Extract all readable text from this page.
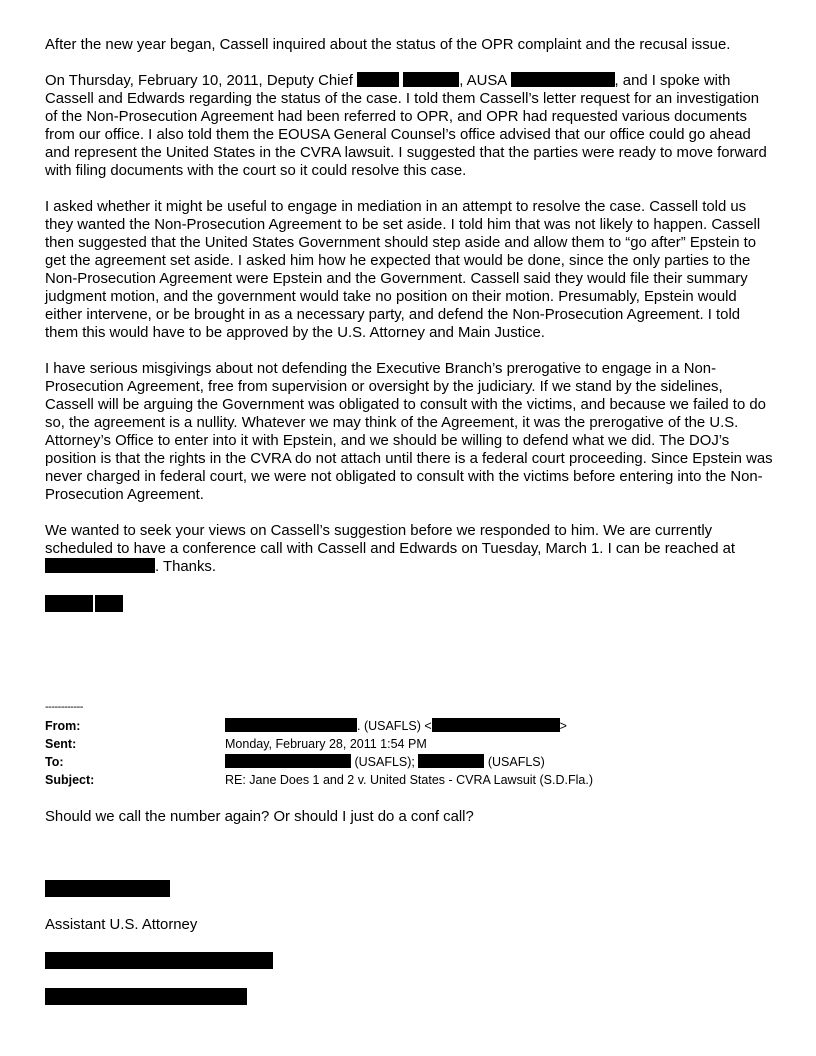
After the new year began, Cassell inquired about the status of the OPR complaint and the recusal issue.

On Thursday, February 10, 2011, Deputy Chief	, AUSA	, and I spoke with Cassell and Edwards regarding the status of the case. I told them Cassell’s letter request for an investigation of the Non-Prosecution Agreement had been referred to OPR, and OPR had requested various documents from our office. I also told them the EOUSA General Counsel’s office advised that our office could go ahead and represent the United States in the CVRA lawsuit. I suggested that the parties were ready to move forward with filing documents with the court so it could resolve this case.

I asked whether it might be useful to engage in mediation in an attempt to resolve the case. Cassell told us they wanted the Non-Prosecution Agreement to be set aside. I told him that was not likely to happen. Cassell then suggested that the United States Government should step aside and allow them to “go after” Epstein to get the agreement set aside. I asked him how he expected that would be done, since the only parties to the Non-Prosecution Agreement were Epstein and the Government. Cassell said they would file their summary judgment motion, and the government would take no position on their motion. Presumably, Epstein would either intervene, or be brought in as a necessary party, and defend the Non-Prosecution Agreement. I told them this would have to be approved by the U.S. Attorney and Main Justice.

I have serious misgivings about not defending the Executive Branch’s prerogative to engage in a Non-Prosecution Agreement, free from supervision or oversight by the judiciary. If we stand by the sidelines, Cassell will be arguing the Government was obligated to consult with the victims, and because we failed to do so, the agreement is a nullity. Whatever we may think of the Agreement, it was the prerogative of the U.S. Attorney’s Office to enter into it with Epstein, and we should be willing to defend what we did. The DOJ’s position is that the rights in the CVRA do not attach until there is a federal court proceeding. Since Epstein was never charged in federal court, we were not obligated to consult with the victims before entering into the Non-Prosecution Agreement.

We wanted to seek your views on Cassell’s suggestion before we responded to him. We are currently scheduled to have a conference call with Cassell and Edwards on Tuesday, March 1. I can be reached at . Thanks.

------------
From:	. (USAFLS) <	>
Sent:	Monday, February 28, 2011 1:54 PM
To:	(USAFLS);	(USAFLS)
Subject:	RE: Jane Does 1 and 2 v. United States - CVRA Lawsuit (S.D.Fla.)
Should we call the number again? Or should I just do a conf call?
Assistant U.S. Attorney
